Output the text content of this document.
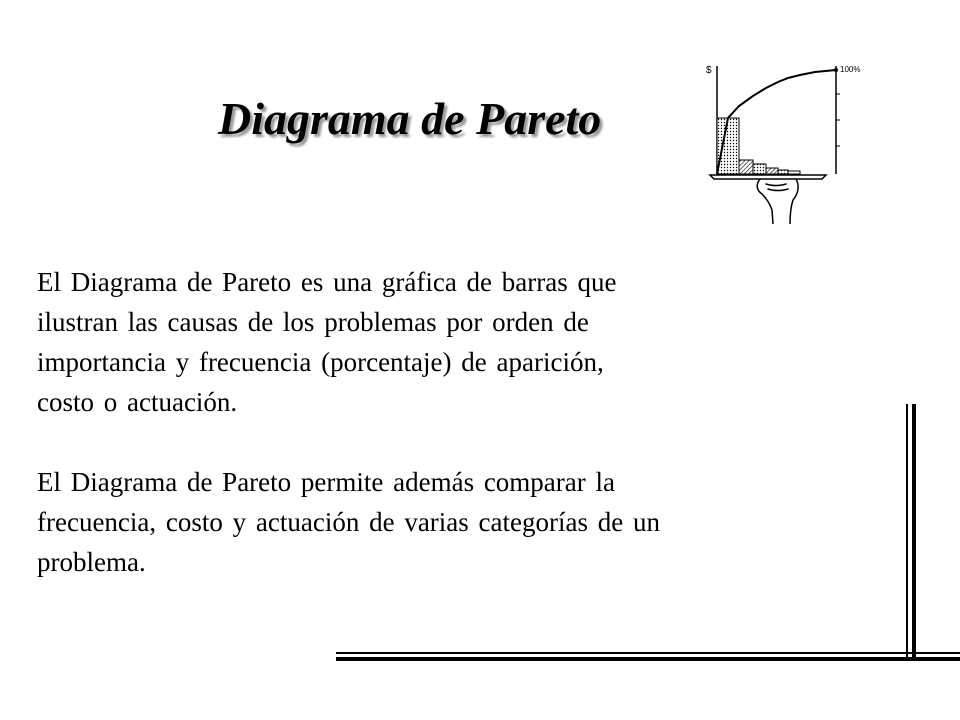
Diagrama de Pareto
$	100%

El Diagrama de Pareto es una gráfica de barras que
ilustran las causas de los problemas por orden de
importancia y frecuencia (porcentaje) de aparición,
costo o actuación.

El Diagrama de Pareto permite además comparar la
frecuencia, costo y actuación de varias categorías de un
problema.
